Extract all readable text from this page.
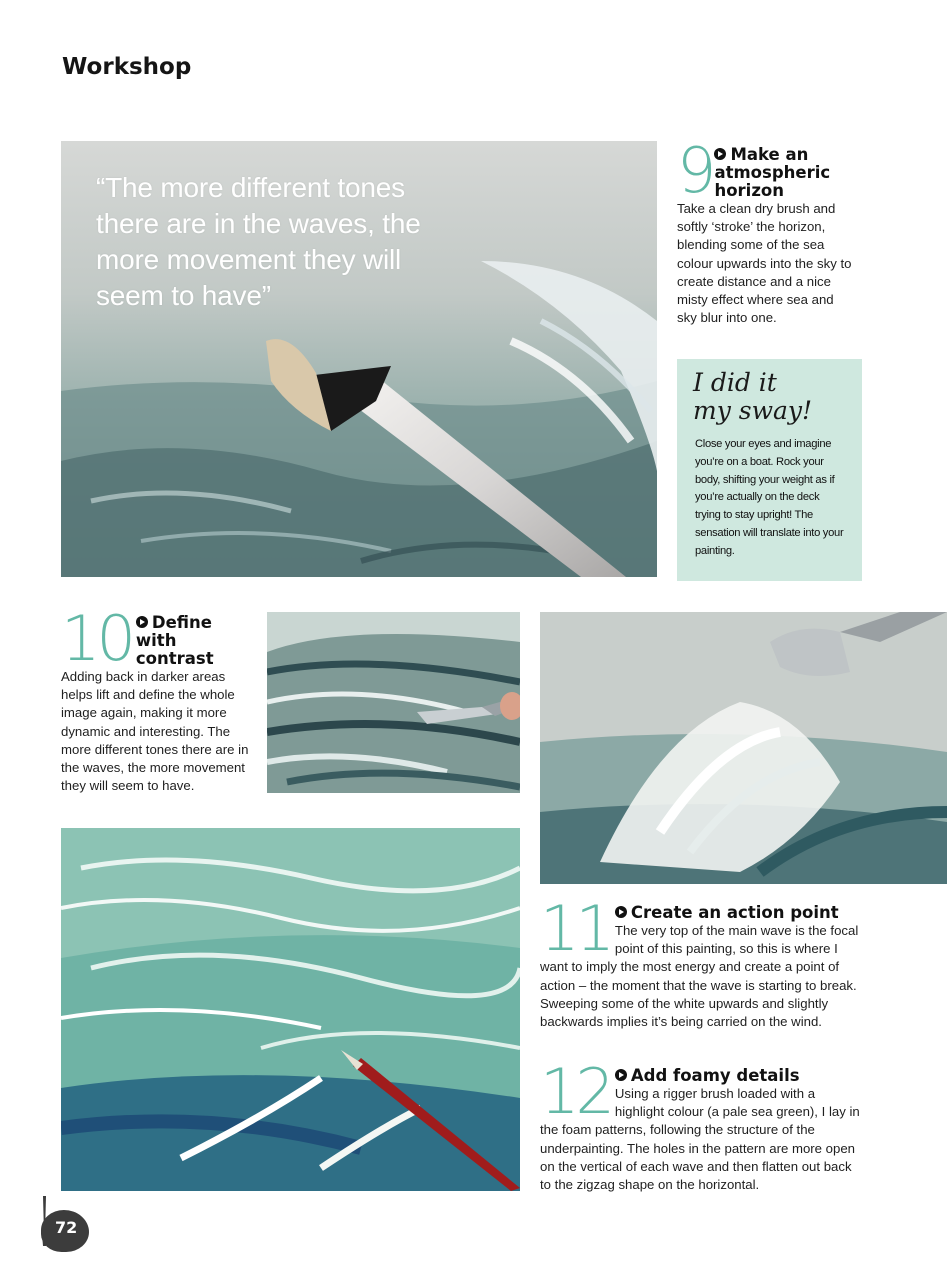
Workshop
“The more different tones there are in the waves, the more movement they will seem to have”
9	Make an atmospheric horizon
Take a clean dry brush and softly ‘stroke’ the horizon, blending some of the sea colour upwards into the sky to create distance and a nice misty effect where sea and sky blur into one.
I did it
my sway!
Close your eyes and imagine you’re on a boat. Rock your body, shifting your weight as if you’re actually on the deck trying to stay upright! The sensation will translate into your painting.
10	Define with contrast
Adding back in darker areas helps lift and define the whole image again, making it more dynamic and interesting. The more different tones there are in the waves, the more movement they will seem to have.
11	Create an action point
The very top of the main wave is the focal point of this painting, so this is where I want to imply the most energy and create a point of action – the moment that the wave is starting to break. Sweeping some of the white upwards and slightly backwards implies it’s being carried on the wind.
12	Add foamy details
Using a rigger brush loaded with a highlight colour (a pale sea green), I lay in the foam patterns, following the structure of the underpainting. The holes in the pattern are more open on the vertical of each wave and then flatten out back to the zigzag shape on the horizontal.
72
